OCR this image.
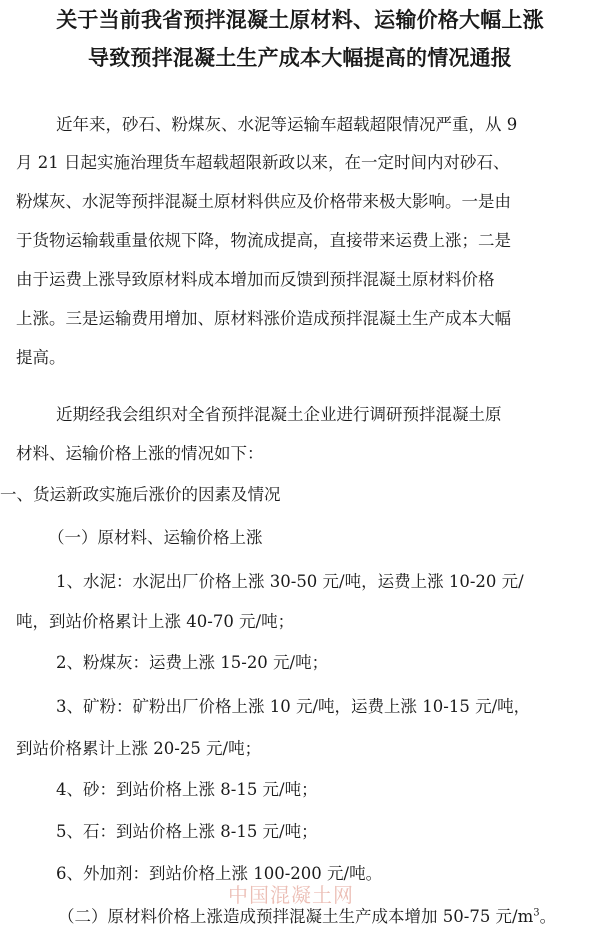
关于当前我省预拌混凝土原材料、运输价格大幅上涨
导致预拌混凝土生产成本大幅提高的情况通报
近年来，砂石、粉煤灰、水泥等运输车超载超限情况严重，从 9
月 21 日起实施治理货车超载超限新政以来，在一定时间内对砂石、
粉煤灰、水泥等预拌混凝土原材料供应及价格带来极大影响。一是由
于货物运输载重量依规下降，物流成提高，直接带来运费上涨；二是
由于运费上涨导致原材料成本增加而反馈到预拌混凝土原材料价格
上涨。三是运输费用增加、原材料涨价造成预拌混凝土生产成本大幅
提高。
近期经我会组织对全省预拌混凝土企业进行调研预拌混凝土原
材料、运输价格上涨的情况如下：
一、货运新政实施后涨价的因素及情况
（一）原材料、运输价格上涨
1、水泥：水泥出厂价格上涨 30-50 元/吨，运费上涨 10-20 元/
吨，到站价格累计上涨 40-70 元/吨；
2、粉煤灰：运费上涨 15-20 元/吨；
3、矿粉：矿粉出厂价格上涨 10 元/吨，运费上涨 10-15 元/吨，
到站价格累计上涨 20-25 元/吨；
4、砂：到站价格上涨 8-15 元/吨；
5、石：到站价格上涨 8-15 元/吨；
6、外加剂：到站价格上涨 100-200 元/吨。
中国混凝土网
（二）原材料价格上涨造成预拌混凝土生产成本增加 50-75 元$/m^3$。
